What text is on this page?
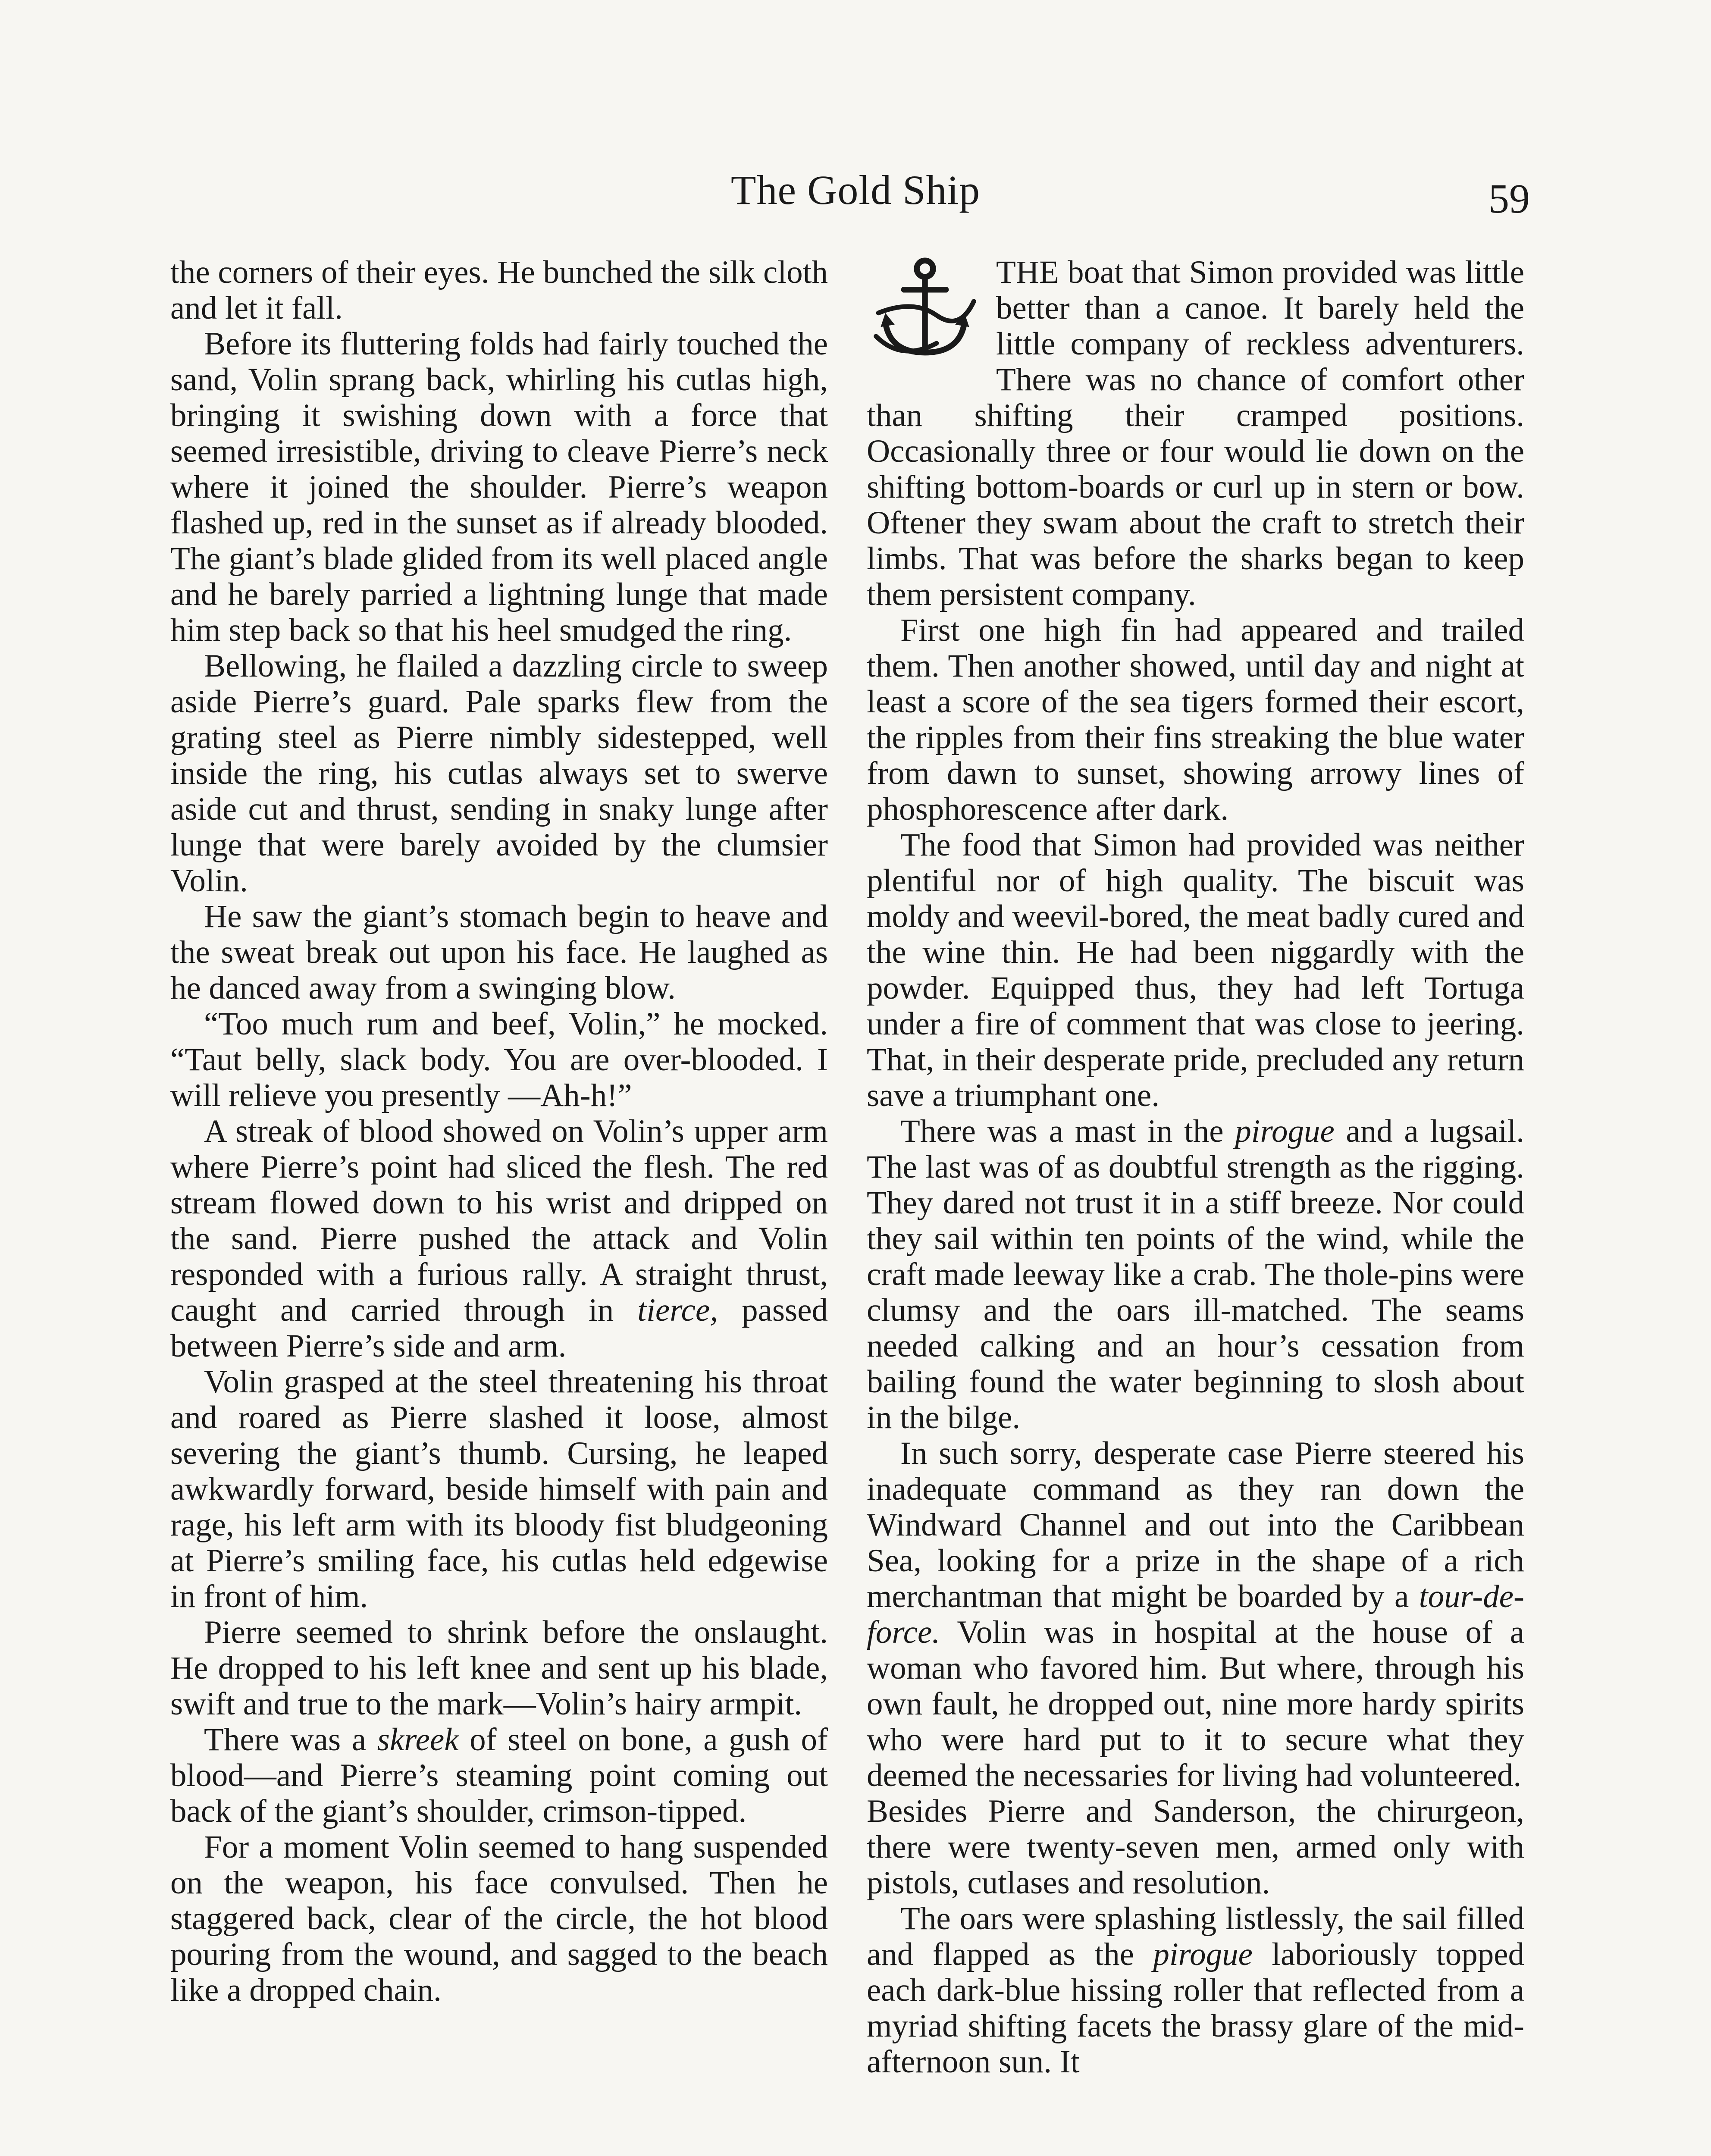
The Gold Ship	59

the corners of their eyes. He bunched the silk cloth and let it fall.

Before its fluttering folds had fairly touched the sand, Volin sprang back, whirling his cutlas high, bringing it swishing down with a force that seemed irresistible, driving to cleave Pierre’s neck where it joined the shoulder. Pierre’s weapon flashed up, red in the sunset as if already blooded. The giant’s blade glided from its well placed angle and he barely parried a lightning lunge that made him step back so that his heel smudged the ring.

Bellowing, he flailed a dazzling circle to sweep aside Pierre’s guard. Pale sparks flew from the grating steel as Pierre nimbly sidestepped, well inside the ring, his cutlas always set to swerve aside cut and thrust, sending in snaky lunge after lunge that were barely avoided by the clumsier Volin.

He saw the giant’s stomach begin to heave and the sweat break out upon his face. He laughed as he danced away from a swinging blow.

“Too much rum and beef, Volin,” he mocked. “Taut belly, slack body. You are over-blooded. I will relieve you presently —Ah-h!”

A streak of blood showed on Volin’s upper arm where Pierre’s point had sliced the flesh. The red stream flowed down to his wrist and dripped on the sand. Pierre pushed the attack and Volin responded with a furious rally. A straight thrust, caught and carried through in tierce, passed between Pierre’s side and arm.

Volin grasped at the steel threatening his throat and roared as Pierre slashed it loose, almost severing the giant’s thumb. Cursing, he leaped awkwardly forward, beside himself with pain and rage, his left arm with its bloody fist bludgeoning at Pierre’s smiling face, his cutlas held edgewise in front of him.

Pierre seemed to shrink before the onslaught. He dropped to his left knee and sent up his blade, swift and true to the mark—Volin’s hairy armpit.

There was a skreek of steel on bone, a gush of blood—and Pierre’s steaming point coming out back of the giant’s shoulder, crimson-tipped.

For a moment Volin seemed to hang suspended on the weapon, his face convulsed. Then he staggered back, clear of the circle, the hot blood pouring from the wound, and sagged to the beach like a dropped chain.

THE boat that Simon provided was little better than a canoe. It barely held the little company of reckless adventurers. There was no chance of comfort other than shifting their cramped positions. Occasionally three or four would lie down on the shifting bottom-boards or curl up in stern or bow. Oftener they swam about the craft to stretch their limbs. That was before the sharks began to keep them persistent company.

First one high fin had appeared and trailed them. Then another showed, until day and night at least a score of the sea tigers formed their escort, the ripples from their fins streaking the blue water from dawn to sunset, showing arrowy lines of phosphorescence after dark.

The food that Simon had provided was neither plentiful nor of high quality. The biscuit was moldy and weevil-bored, the meat badly cured and the wine thin. He had been niggardly with the powder. Equipped thus, they had left Tortuga under a fire of comment that was close to jeering. That, in their desperate pride, precluded any return save a triumphant one.

There was a mast in the pirogue and a lugsail. The last was of as doubtful strength as the rigging. They dared not trust it in a stiff breeze. Nor could they sail within ten points of the wind, while the craft made leeway like a crab. The thole-pins were clumsy and the oars ill-matched. The seams needed calking and an hour’s cessation from bailing found the water beginning to slosh about in the bilge.

In such sorry, desperate case Pierre steered his inadequate command as they ran down the Windward Channel and out into the Caribbean Sea, looking for a prize in the shape of a rich merchantman that might be boarded by a tour-de-force. Volin was in hospital at the house of a woman who favored him. But where, through his own fault, he dropped out, nine more hardy spirits who were hard put to it to secure what they deemed the necessaries for living had volunteered.

Besides Pierre and Sanderson, the chirurgeon, there were twenty-seven men, armed only with pistols, cutlases and resolution.

The oars were splashing listlessly, the sail filled and flapped as the pirogue laboriously topped each dark-blue hissing roller that reflected from a myriad shifting facets the brassy glare of the mid-afternoon sun. It
